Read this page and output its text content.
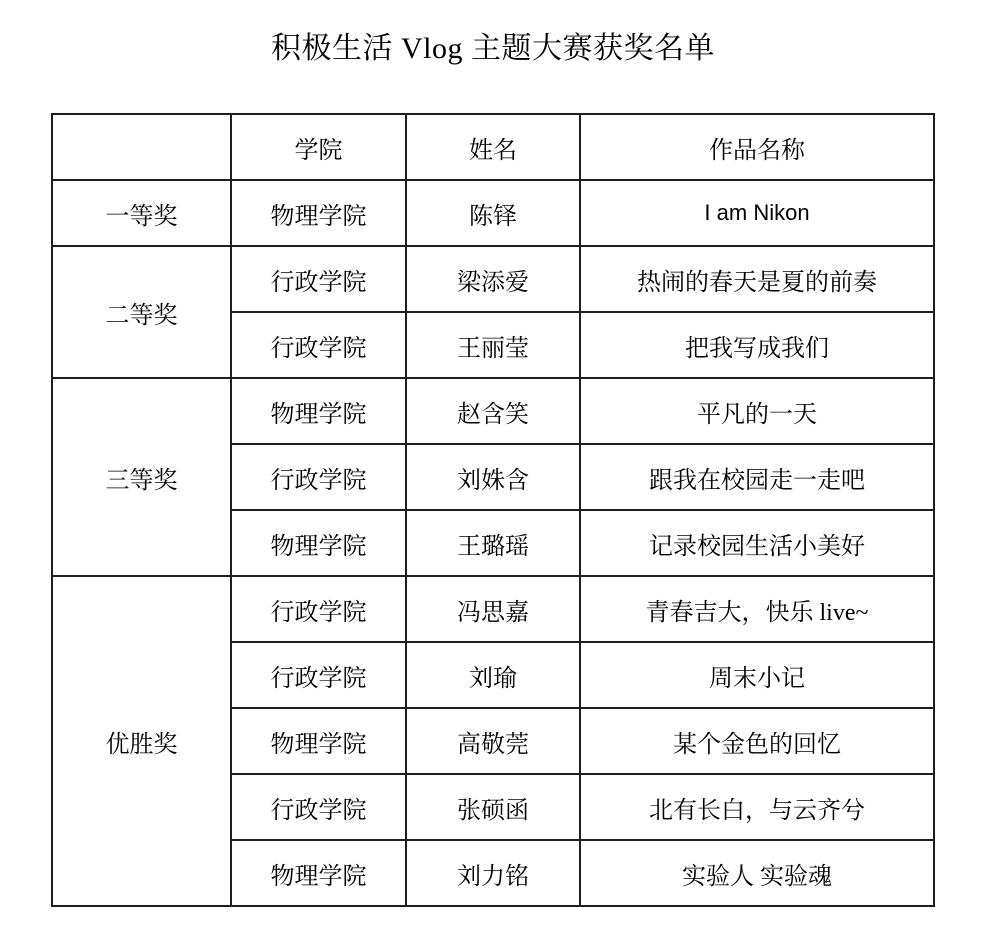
积极生活 Vlog 主题大赛获奖名单
	学院	姓名	作品名称
一等奖	物理学院	陈铎	I am Nikon
二等奖	行政学院	梁添爱	热闹的春天是夏的前奏
	行政学院	王丽莹	把我写成我们
三等奖	物理学院	赵含笑	平凡的一天
	行政学院	刘姝含	跟我在校园走一走吧
	物理学院	王璐瑶	记录校园生活小美好
优胜奖	行政学院	冯思嘉	青春吉大，快乐 live~
	行政学院	刘瑜	周末小记
	物理学院	高敬莞	某个金色的回忆
	行政学院	张硕函	北有长白，与云齐兮
	物理学院	刘力铭	实验人 实验魂
